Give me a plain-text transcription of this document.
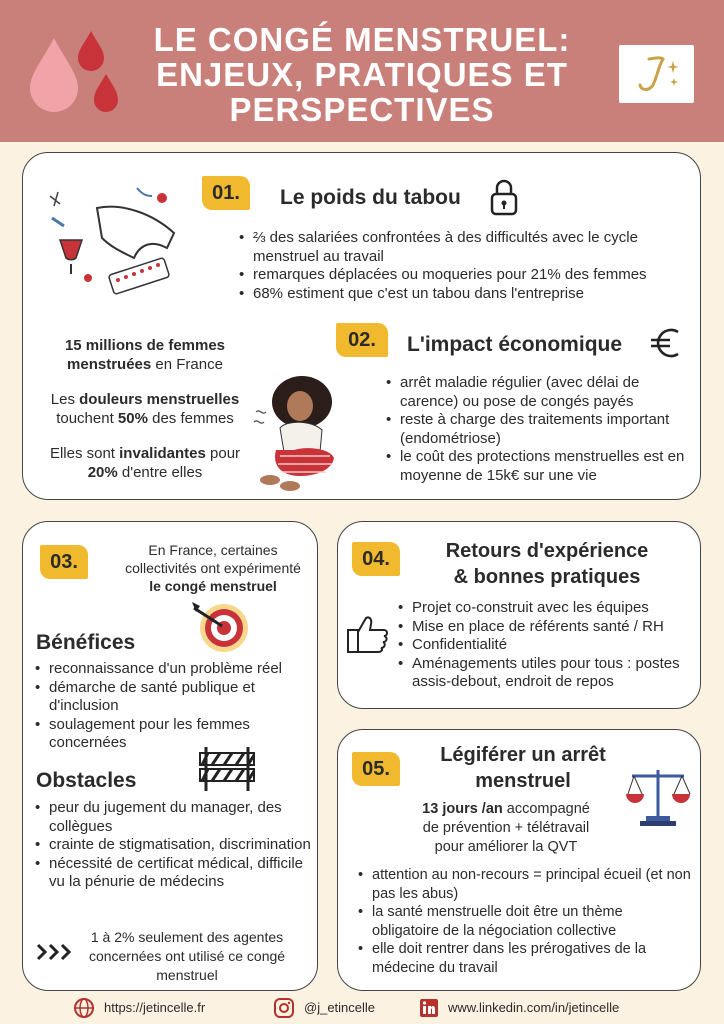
LE CONGÉ MENSTRUEL:
ENJEUX, PRATIQUES ET
PERSPECTIVES
01.	Le poids du tabou
• ⅔ des salariées confrontées à des difficultés avec le cycle menstruel au travail
• remarques déplacées ou moqueries pour 21% des femmes
• 68% estiment que c'est un tabou dans l'entreprise
15 millions de femmes menstruées en France
Les douleurs menstruelles touchent 50% des femmes
Elles sont invalidantes pour 20% d'entre elles
02.	L'impact économique
• arrêt maladie régulier (avec délai de carence) ou pose de congés payés
• reste à charge des traitements important (endométriose)
• le coût des protections menstruelles est en moyenne de 15k€ sur une vie
03.
En France, certaines collectivités ont expérimenté
le congé menstruel
Bénéfices
• reconnaissance d'un problème réel
• démarche de santé publique et d'inclusion
• soulagement pour les femmes concernées
Obstacles
• peur du jugement du manager, des collègues
• crainte de stigmatisation, discrimination
• nécessité de certificat médical, difficile vu la pénurie de médecins
1 à 2% seulement des agentes concernées ont utilisé ce congé menstruel
04.	Retours d'expérience
& bonnes pratiques
• Projet co-construit avec les équipes
• Mise en place de référents santé / RH
• Confidentialité
• Aménagements utiles pour tous : postes assis-debout, endroit de repos
05.
Légiférer un arrêt
menstruel
13 jours /an accompagné
de prévention + télétravail
pour améliorer la QVT
• attention au non-recours = principal écueil (et non pas les abus)
• la santé menstruelle doit être un thème obligatoire de la négociation collective
• elle doit rentrer dans les prérogatives de la médecine du travail
https://jetincelle.fr	@j_etincelle	www.linkedin.com/in/jetincelle
